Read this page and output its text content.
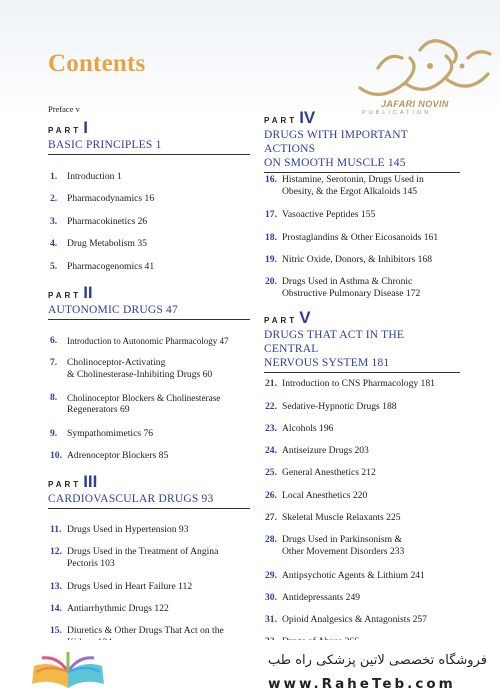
Contents
JAFARI NOVIN
PUBLICATION
Preface v
PART I
BASIC PRINCIPLES 1
1.	Introduction 1
2.	Pharmacodynamics 16
3.	Pharmacokinetics 26
4.	Drug Metabolism 35
5.	Pharmacogenomics 41
PART II
AUTONOMIC DRUGS 47
6.	Introduction to Autonomic Pharmacology 47
7.	Cholinoceptor-Activating
& Cholinesterase-Inhibiting Drugs 60
8.	Cholinoceptor Blockers & Cholinesterase
Regenerators 69
9.	Sympathomimetics 76
10. Adrenoceptor Blockers 85
PART III
CARDIOVASCULAR DRUGS 93
11. Drugs Used in Hypertension 93
12. Drugs Used in the Treatment of Angina
Pectoris 103
13. Drugs Used in Heart Failure 112
14. Antiarrhythmic Drugs 122
15. Diuretics & Other Drugs That Act on the
PART IV
DRUGS WITH IMPORTANT ACTIONS
ON SMOOTH MUSCLE 145
16. Histamine, Serotonin, Drugs Used in
Obesity, & the Ergot Alkaloids 145
17. Vasoactive Peptides 155
18. Prostaglandins & Other Eicosanoids 161
19. Nitric Oxide, Donors, & Inhibitors 168
20. Drugs Used in Asthma & Chronic
Obstructive Pulmonary Disease 172
PART V
DRUGS THAT ACT IN THE CENTRAL
NERVOUS SYSTEM 181
21. Introduction to CNS Pharmacology 181
22. Sedative-Hypnotic Drugs 188
23. Alcohols 196
24. Antiseizure Drugs 203
25. General Anesthetics 212
26. Local Anesthetics 220
27. Skeletal Muscle Relaxants 225
28. Drugs Used in Parkinsonism &
Other Movement Disorders 233
29. Antipsychotic Agents & Lithium 241
30. Antidepressants 249
31. Opioid Analgesics & Antagonists 257
فروشگاه تخصصی لاتین پزشکی راه طب
www.RaheTeb.com
